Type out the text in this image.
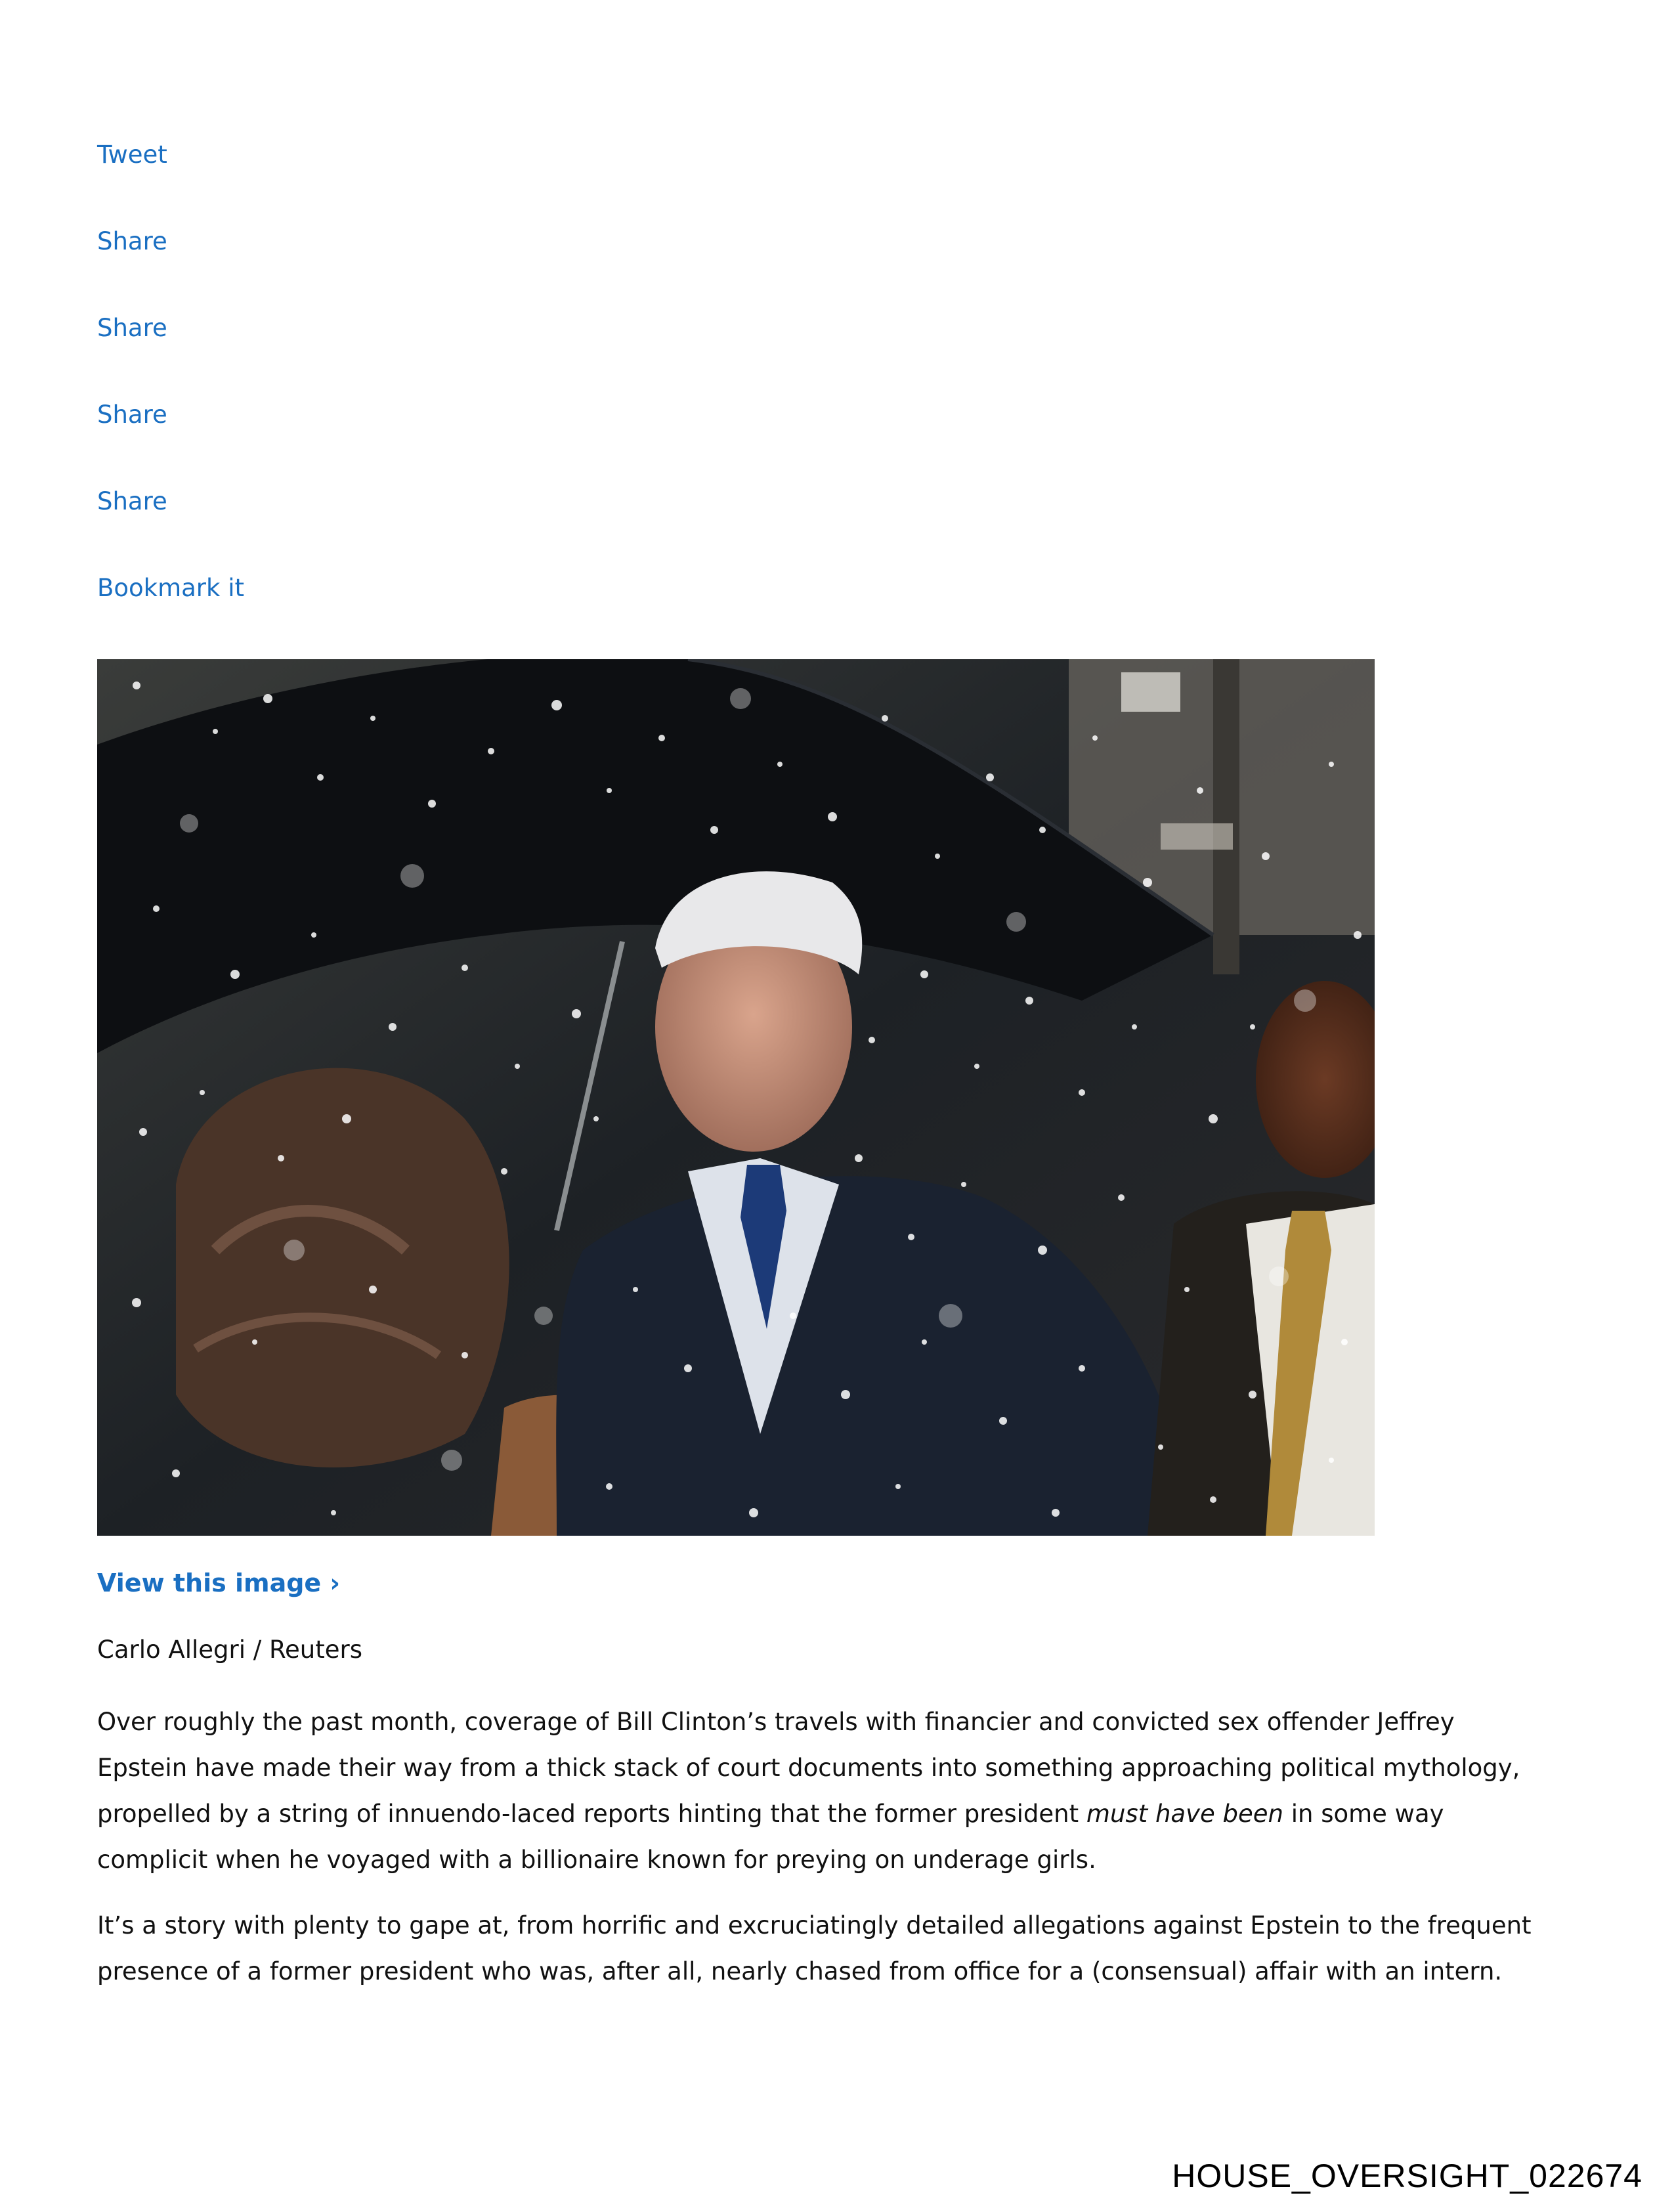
Tweet
Share
Share
Share
Share
Bookmark it
View this image ›
Carlo Allegri / Reuters

Over roughly the past month, coverage of Bill Clinton’s travels with financier and convicted sex offender Jeffrey Epstein have made their way from a thick stack of court documents into something approaching political mythology, propelled by a string of innuendo-laced reports hinting that the former president must have been in some way complicit when he voyaged with a billionaire known for preying on underage girls.

It’s a story with plenty to gape at, from horrific and excruciatingly detailed allegations against Epstein to the frequent presence of a former president who was, after all, nearly chased from office for a (consensual) affair with an intern.

HOUSE_OVERSIGHT_022674
